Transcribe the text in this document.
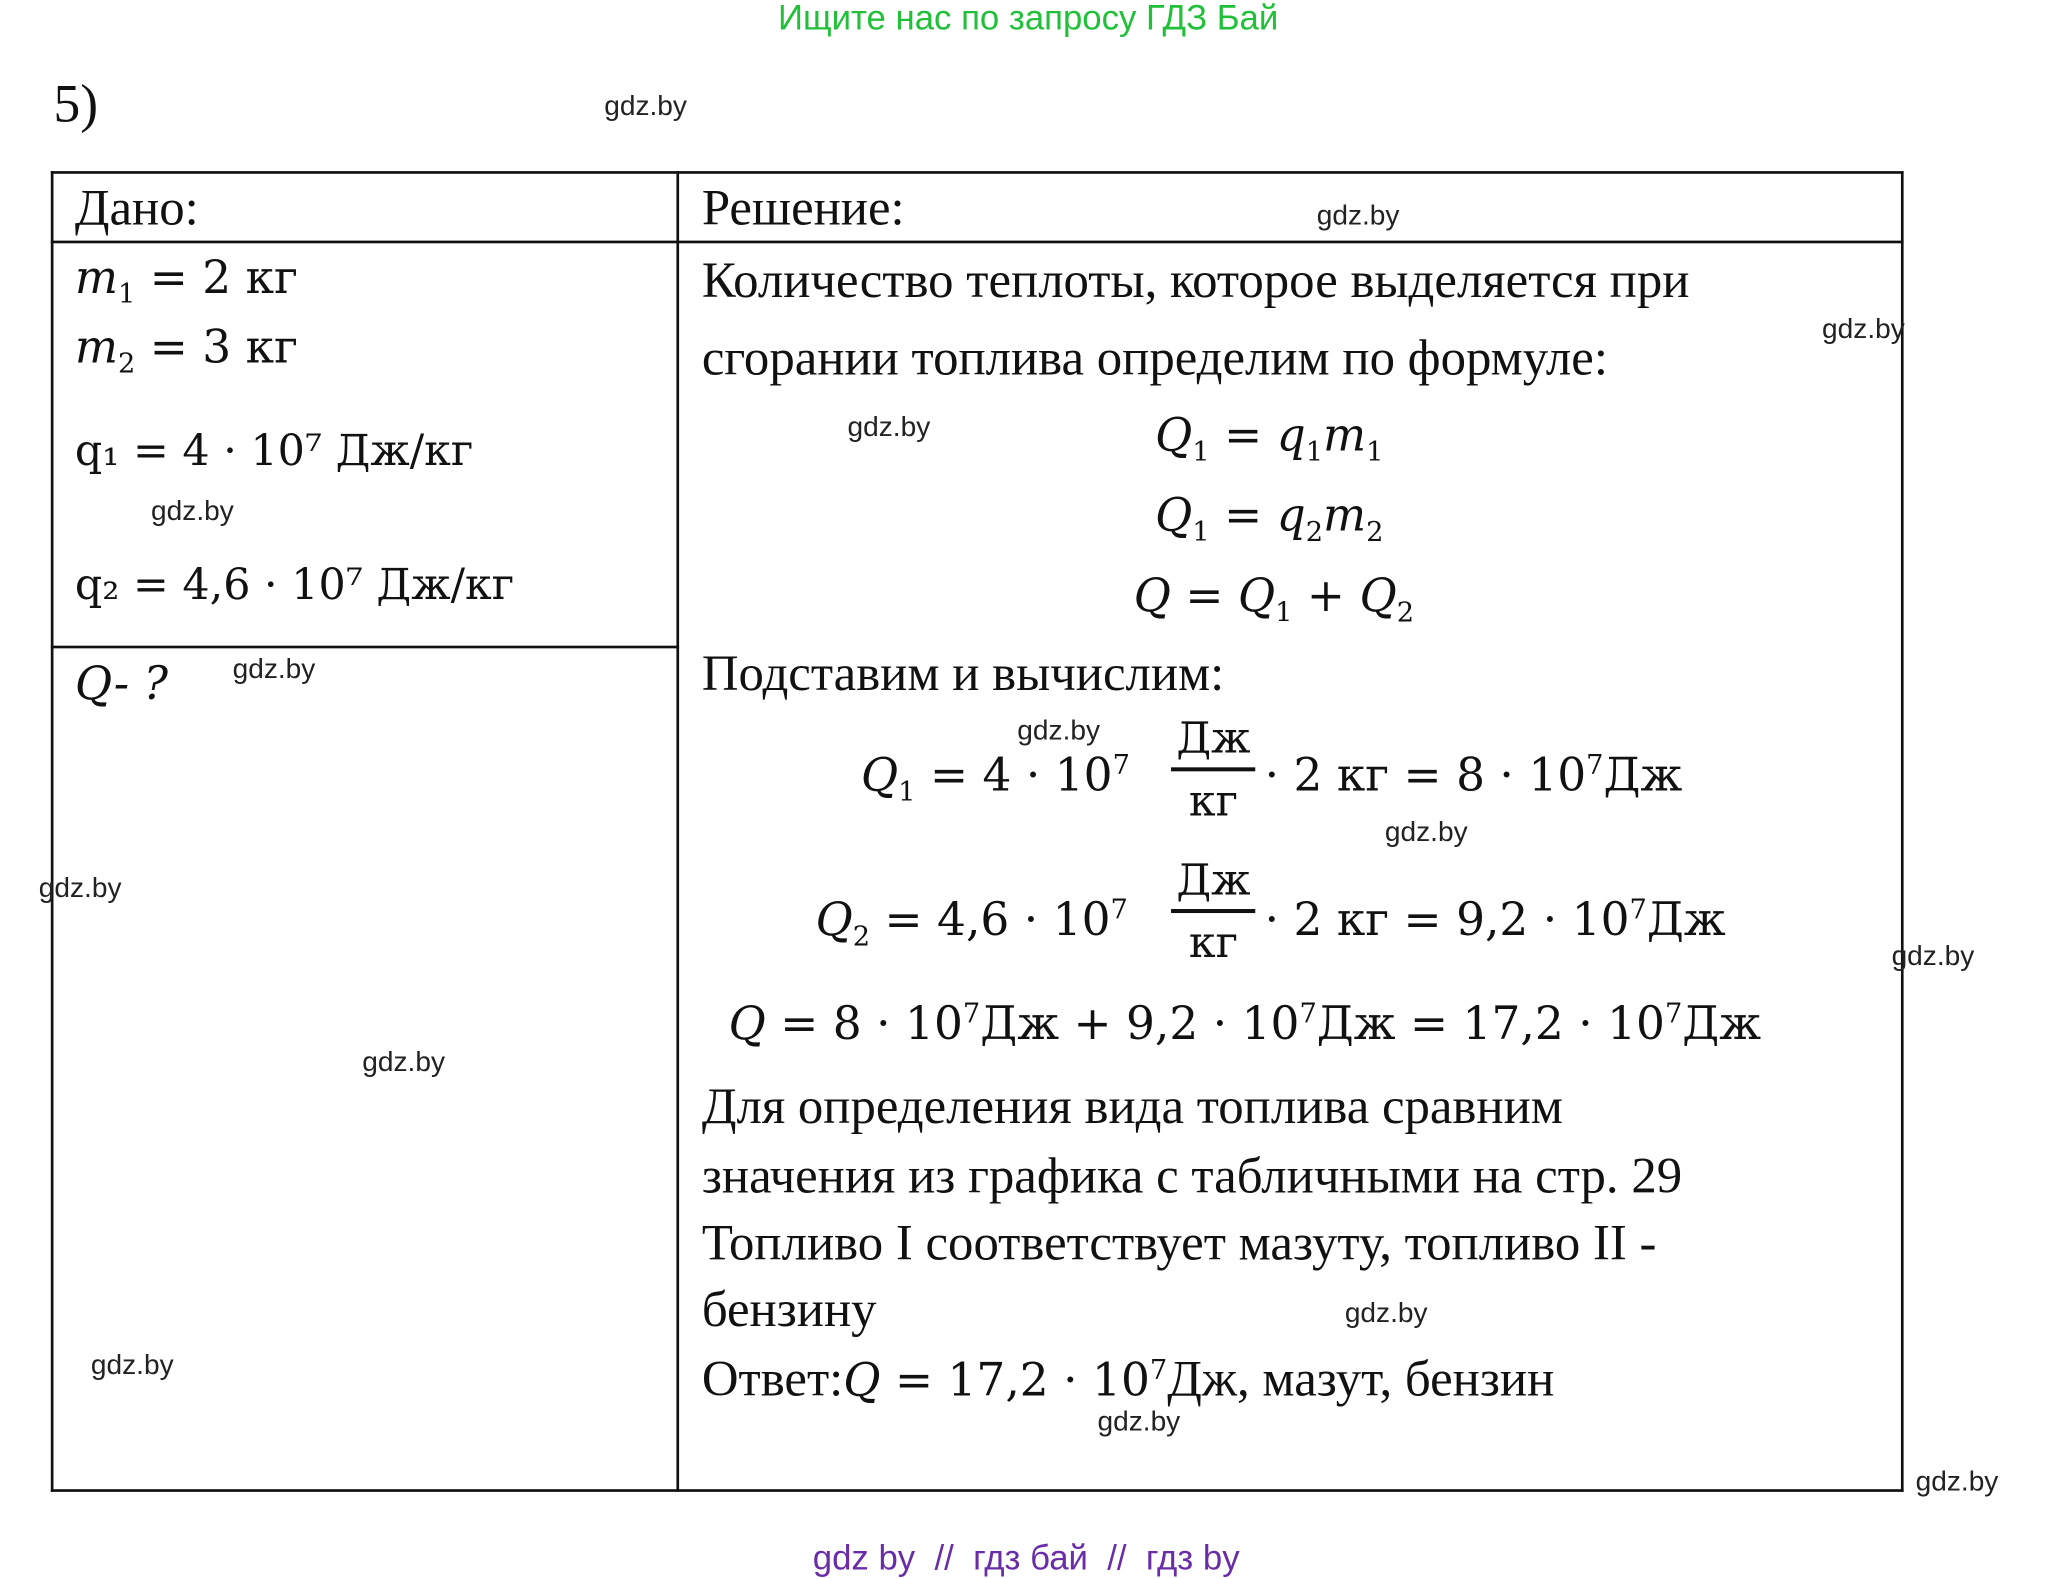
Ищите нас по запросу ГДЗ Бай
5)
Дано:
$m_1 = 2$ кг
$m_2 = 3$ кг
q₁ = 4 · 10⁷ Дж/кг
q₂ = 4,6 · 10⁷ Дж/кг
Q- ?
Решение:
Количество теплоты, которое выделяется при
сгорании топлива определим по формуле:
$Q_1 = q_1m_1$
$Q_1 = q_2m_2$
$Q = Q_1 + Q_2$
Подставим и вычислим:
$Q_1 = 4 \cdot 10^7$
Дж
кг · 2 кг = $8 \cdot 10^7Дж$
$Q_2 = 4,6 \cdot 10^7$
Дж
кг · 2 кг = $9,2 \cdot 10^7Дж$
$Q = 8 \cdot 10^7Дж + 9,2 \cdot 10^7Дж = 17,2 \cdot 10^7Дж$
Для определения вида топлива сравним
значения из графика с табличными на стр. 29
Топливо I соответствует мазуту, топливо II -
бензину
Ответ:Q = $17,2 \cdot 10^7Дж$, мазут, бензин
gdz.by
gdz.by
gdz.by
gdz.by
gdz.by
gdz.by
gdz.by
gdz.by
gdz.by
gdz.by
gdz.by
gdz.by
gdz.by
gdz.by
gdz.by
gdz by  //  гдз бай  //  гдз by
